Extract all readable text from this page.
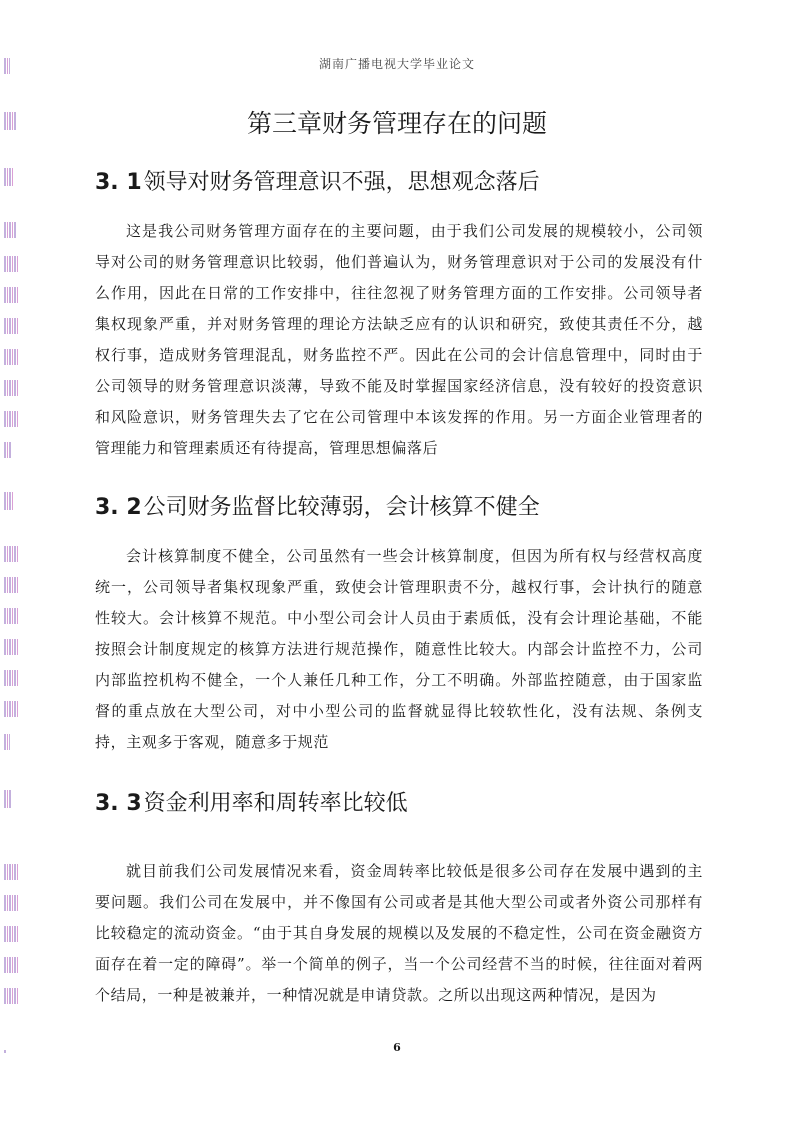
湖南广播电视大学毕业论文
第三章财务管理存在的问题
3. 1领导对财务管理意识不强，思想观念落后

这是我公司财务管理方面存在的主要问题，由于我们公司发展的规模较小，公司领导对公司的财务管理意识比较弱，他们普遍认为，财务管理意识对于公司的发展没有什么作用，因此在日常的工作安排中，往往忽视了财务管理方面的工作安排。公司领导者集权现象严重，并对财务管理的理论方法缺乏应有的认识和研究，致使其责任不分，越权行事，造成财务管理混乱，财务监控不严。因此在公司的会计信息管理中，同时由于公司领导的财务管理意识淡薄，导致不能及时掌握国家经济信息，没有较好的投资意识和风险意识，财务管理失去了它在公司管理中本该发挥的作用。另一方面企业管理者的管理能力和管理素质还有待提高，管理思想偏落后

3. 2公司财务监督比较薄弱，会计核算不健全

会计核算制度不健全，公司虽然有一些会计核算制度，但因为所有权与经营权高度统一，公司领导者集权现象严重，致使会计管理职责不分，越权行事，会计执行的随意性较大。会计核算不规范。中小型公司会计人员由于素质低，没有会计理论基础，不能按照会计制度规定的核算方法进行规范操作，随意性比较大。内部会计监控不力，公司内部监控机构不健全，一个人兼任几种工作，分工不明确。外部监控随意，由于国家监督的重点放在大型公司，对中小型公司的监督就显得比较软性化，没有法规、条例支持，主观多于客观，随意多于规范

3. 3资金利用率和周转率比较低

就目前我们公司发展情况来看，资金周转率比较低是很多公司存在发展中遇到的主要问题。我们公司在发展中，并不像国有公司或者是其他大型公司或者外资公司那样有比较稳定的流动资金。“由于其自身发展的规模以及发展的不稳定性，公司在资金融资方面存在着一定的障碍”。举一个简单的例子，当一个公司经营不当的时候，往往面对着两个结局，一种是被兼并，一种情况就是申请贷款。之所以出现这两种情况，是因为

6
